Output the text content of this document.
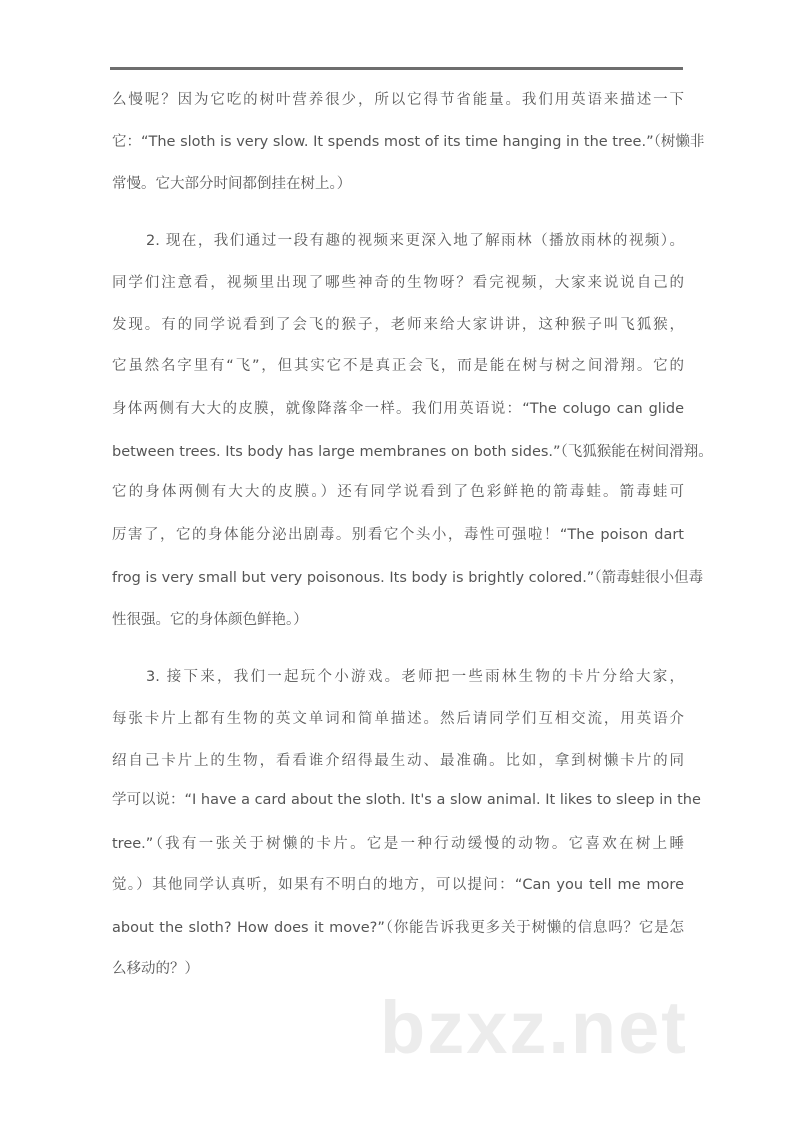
么慢呢？因为它吃的树叶营养很少，所以它得节省能量。我们用英语来描述一下
它：“The sloth is very slow. It spends most of its time hanging in the tree.”（树懒非
常慢。它大部分时间都倒挂在树上。）
2. 现在，我们通过一段有趣的视频来更深入地了解雨林（播放雨林的视频）。
同学们注意看，视频里出现了哪些神奇的生物呀？看完视频，大家来说说自己的
发现。有的同学说看到了会飞的猴子，老师来给大家讲讲，这种猴子叫飞狐猴，
它虽然名字里有“飞”，但其实它不是真正会飞，而是能在树与树之间滑翔。它的
身体两侧有大大的皮膜，就像降落伞一样。我们用英语说：“The colugo can glide
between trees. Its body has large membranes on both sides.”（飞狐猴能在树间滑翔。
它的身体两侧有大大的皮膜。）还有同学说看到了色彩鲜艳的箭毒蛙。箭毒蛙可
厉害了，它的身体能分泌出剧毒。别看它个头小，毒性可强啦！“The poison dart
frog is very small but very poisonous. Its body is brightly colored.”（箭毒蛙很小但毒
性很强。它的身体颜色鲜艳。）
3. 接下来，我们一起玩个小游戏。老师把一些雨林生物的卡片分给大家，
每张卡片上都有生物的英文单词和简单描述。然后请同学们互相交流，用英语介
绍自己卡片上的生物，看看谁介绍得最生动、最准确。比如，拿到树懒卡片的同
学可以说：“I have a card about the sloth. It's a slow animal. It likes to sleep in the
tree.”（我有一张关于树懒的卡片。它是一种行动缓慢的动物。它喜欢在树上睡
觉。）其他同学认真听，如果有不明白的地方，可以提问：“Can you tell me more
about the sloth? How does it move?”（你能告诉我更多关于树懒的信息吗？它是怎
么移动的？）
bzxz.net
